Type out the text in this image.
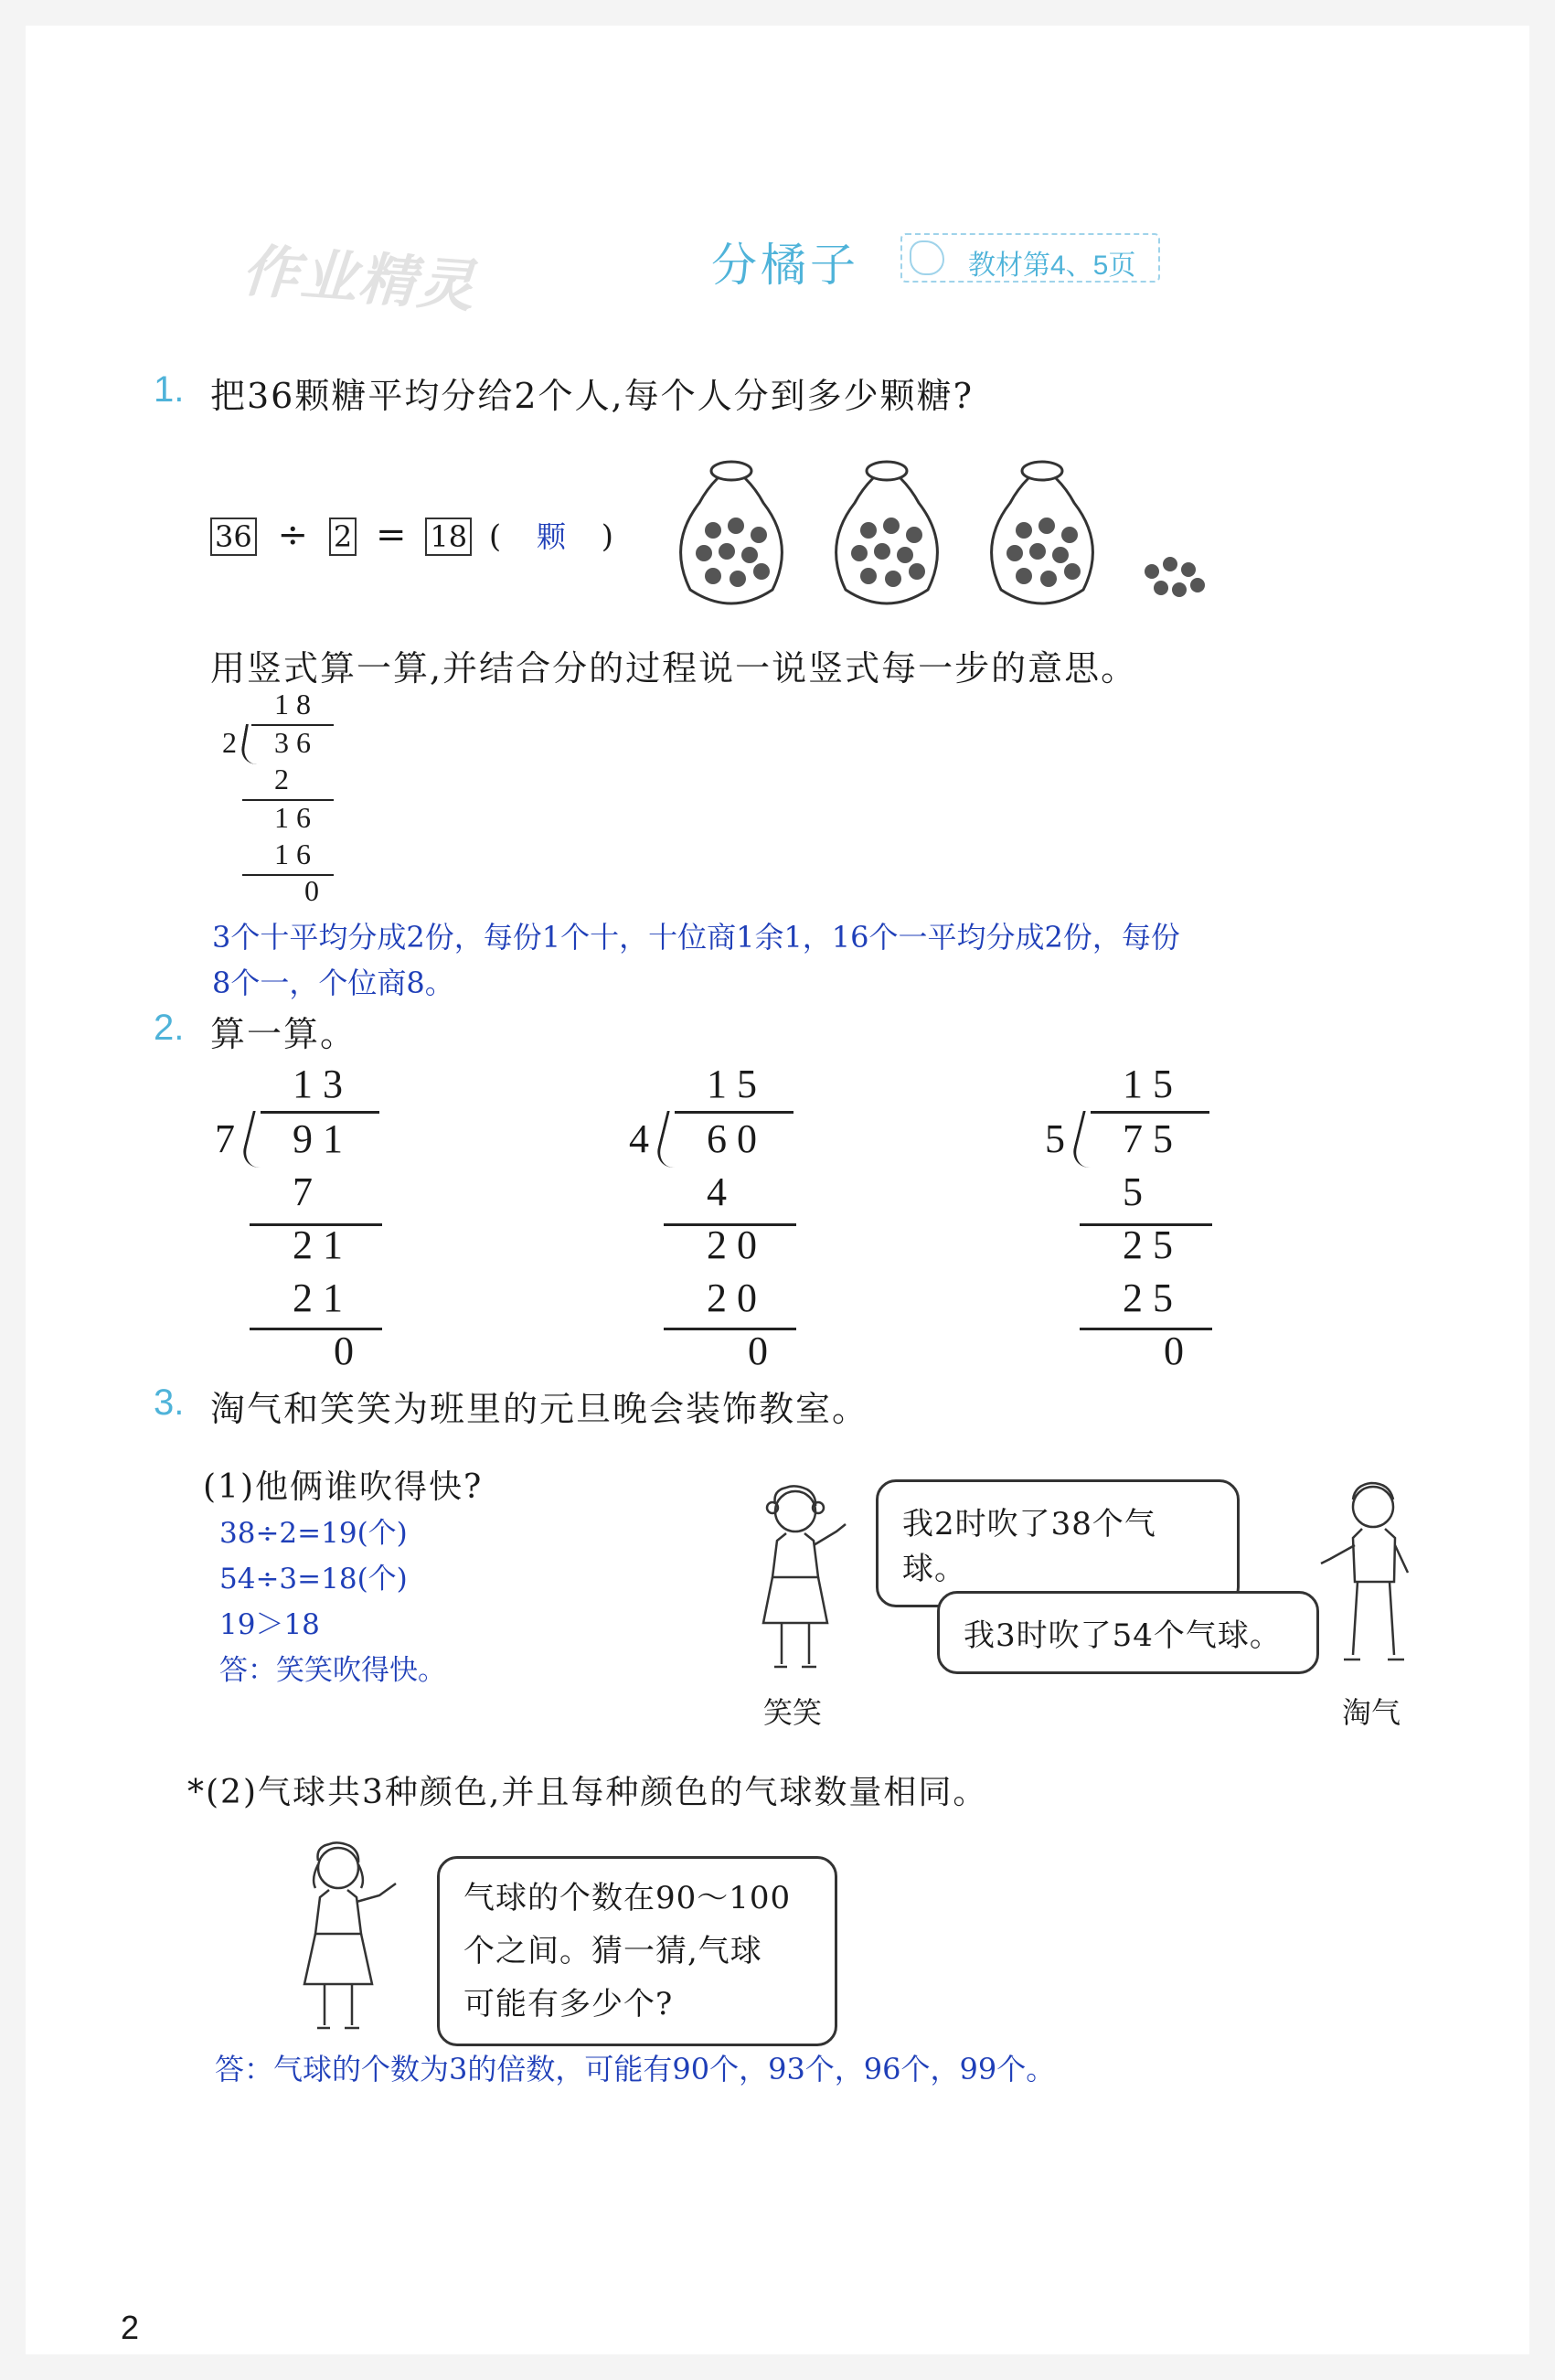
作业精灵	分橘子	教材第4、5页
1. 把36颗糖平均分给2个人,每个人分到多少颗糖?
36 ÷ 2 = 18 ( 颗 )
用竖式算一算,并结合分的过程说一说竖式每一步的意思。
1 8
2 3 6
2
1 6
1 6
0
3个十平均分成2份，每份1个十，十位商1余1，16个一平均分成2份，每份
8个一，个位商8。
2. 算一算。
1 3
7 9 1
7
2 1
2 1
0
1 5
4 6 0
4
2 0
2 0
0
1 5
5 7 5
5
2 5
2 5
0
3. 淘气和笑笑为班里的元旦晚会装饰教室。
(1)他俩谁吹得快?
38÷2=19(个)
54÷3=18(个)
19＞18
答：笑笑吹得快。
笑笑
我2时吹了38个气球。
我3时吹了54个气球。
淘气
*(2)气球共3种颜色,并且每种颜色的气球数量相同。
气球的个数在90～100
个之间。猜一猜,气球
可能有多少个?
答：气球的个数为3的倍数，可能有90个，93个，96个，99个。
2
